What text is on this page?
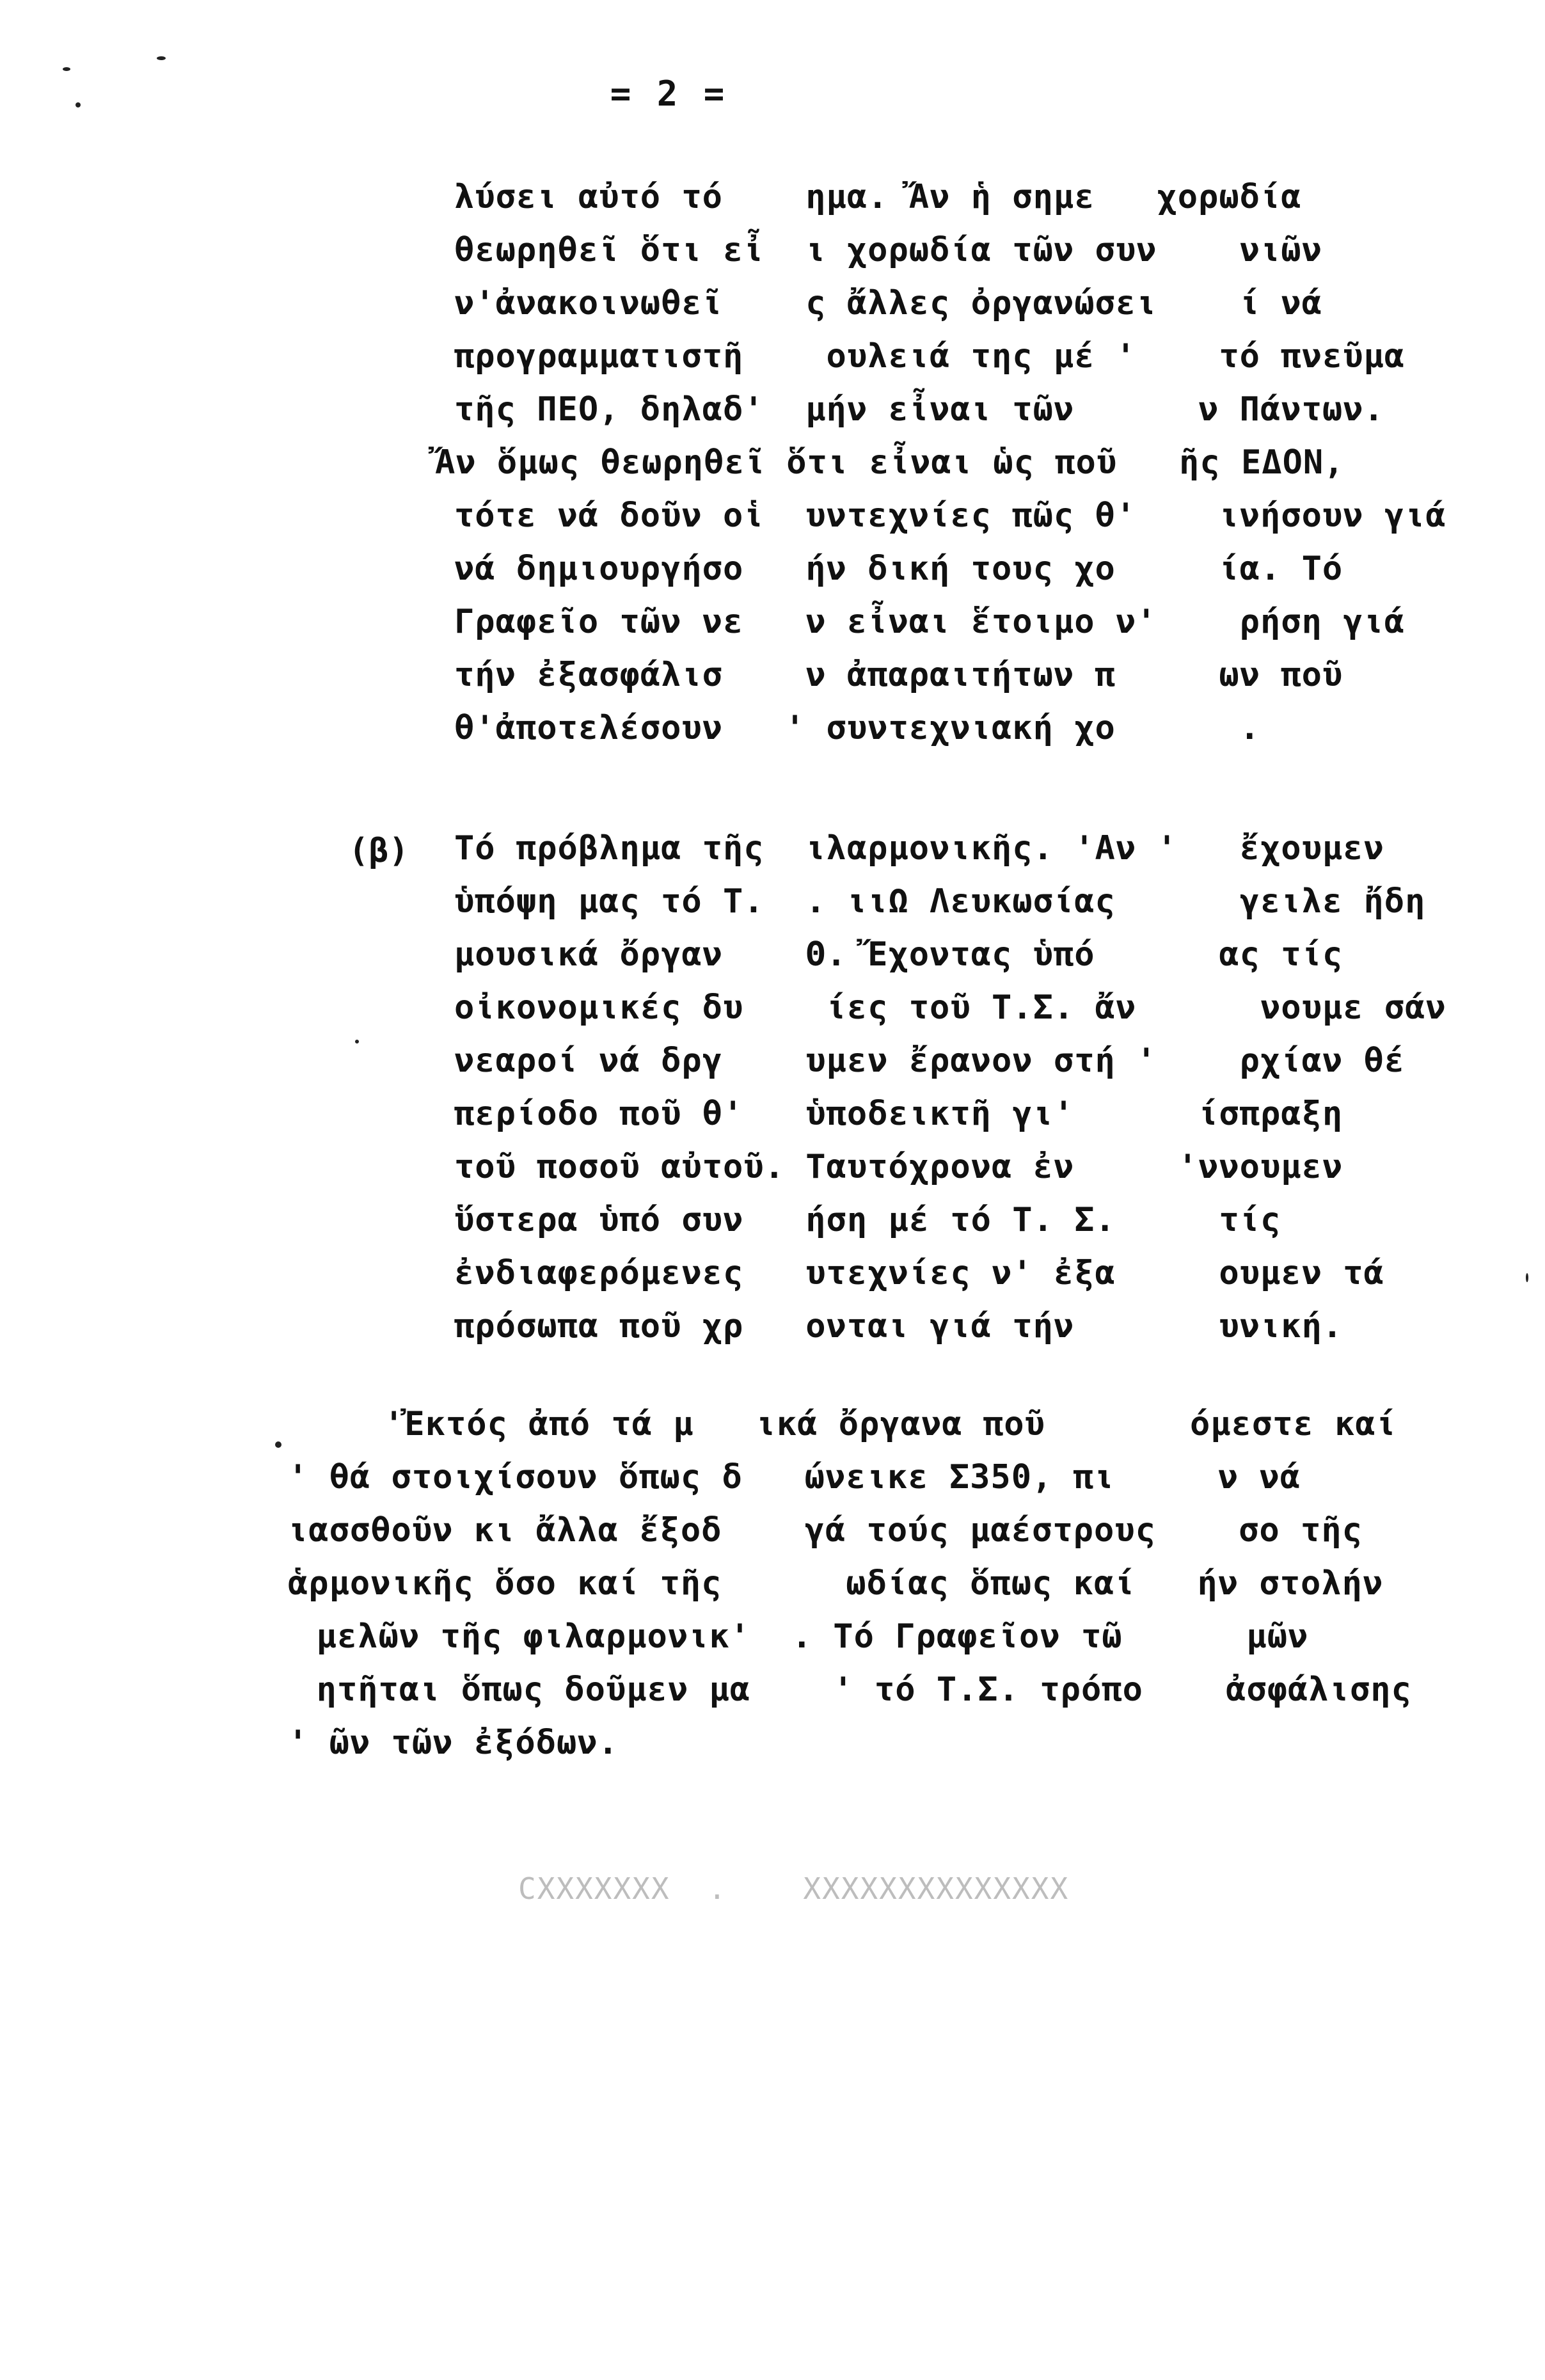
= 2 =
λύσει αὐτό τό    ημα. Ἄν ἡ σημε   χορωδία
θεωρηθεῖ ὅτι εἶ  ι χορωδία τῶν συν    νιῶν
ν'ἀνακοινωθεῖ    ς ἄλλες ὀργανώσει    ί νά
προγραμματιστῆ    ουλειά της μέ '    τό πνεῦμα
τῆς ΠΕΟ, δηλαδ'  μήν εἶναι τῶν      ν Πάντων.
Ἄν ὅμως θεωρηθεῖ ὅτι εἶναι ὡς ποῦ   ῆς ΕΔΟΝ,
τότε νά δοῦν οἱ  υντεχνίες πῶς θ'    ινήσουν γιά
νά δημιουργήσο   ήν δική τους χο     ία. Τό
Γραφεῖο τῶν νε   ν εἶναι ἕτοιμο ν'    ρήση γιά
τήν ἐξασφάλισ    ν ἀπαραιτήτων π     ων ποῦ
θ'ἀποτελέσουν   ' συντεχνιακή χο      .
(β) Τό πρόβλημα τῆς  ιλαρμονικῆς. 'Αν '   ἔχουμεν
ὑπόψη μας τό Τ.  . ιιΩ Λευκωσίας      γειλε ἤδη
μουσικά ὄργαν    Θ. Ἔχοντας ὑπό      ας τίς
οἰκονομικές δυ    ίες τοῦ Τ.Σ. ἄν      νουμε σάν
νεαροί νά δργ    υμεν ἔρανον στή '    ρχίαν θέ
περίοδο ποῦ θ'   ὑποδεικτῆ γι'      ίσπραξη
τοῦ ποσοῦ αὐτοῦ. Ταυτόχρονα ἐν     'ννουμεν
ὕστερα ὑπό συν   ήση μέ τό Τ. Σ.     τίς
ἐνδιαφερόμενες   υτεχνίες ν' ἐξα     ουμεν τά
πρόσωπα ποῦ χρ   ονται γιά τήν       υνική.
'Ἐκτός ἀπό τά μ   ικά ὄργανα ποῦ       όμεστε καί
' θά στοιχίσουν ὅπως δ   ώνεικε Σ350, πι     ν νά
ιασσθοῦν κι ἄλλα ἔξοδ    γά τούς μαέστρους    σο τῆς
ἁρμονικῆς ὅσο καί τῆς      ωδίας ὅπως καί   ήν στολήν
μελῶν τῆς φιλαρμονικ'  . Τό Γραφεῖον τῶ      μῶν
ητῆται ὅπως δοῦμεν μα    ' τό Τ.Σ. τρόπο    ἀσφάλισης
' ῶν τῶν ἐξόδων.
CXXXXXXX  .    XXXXXXXXXXXXXX
